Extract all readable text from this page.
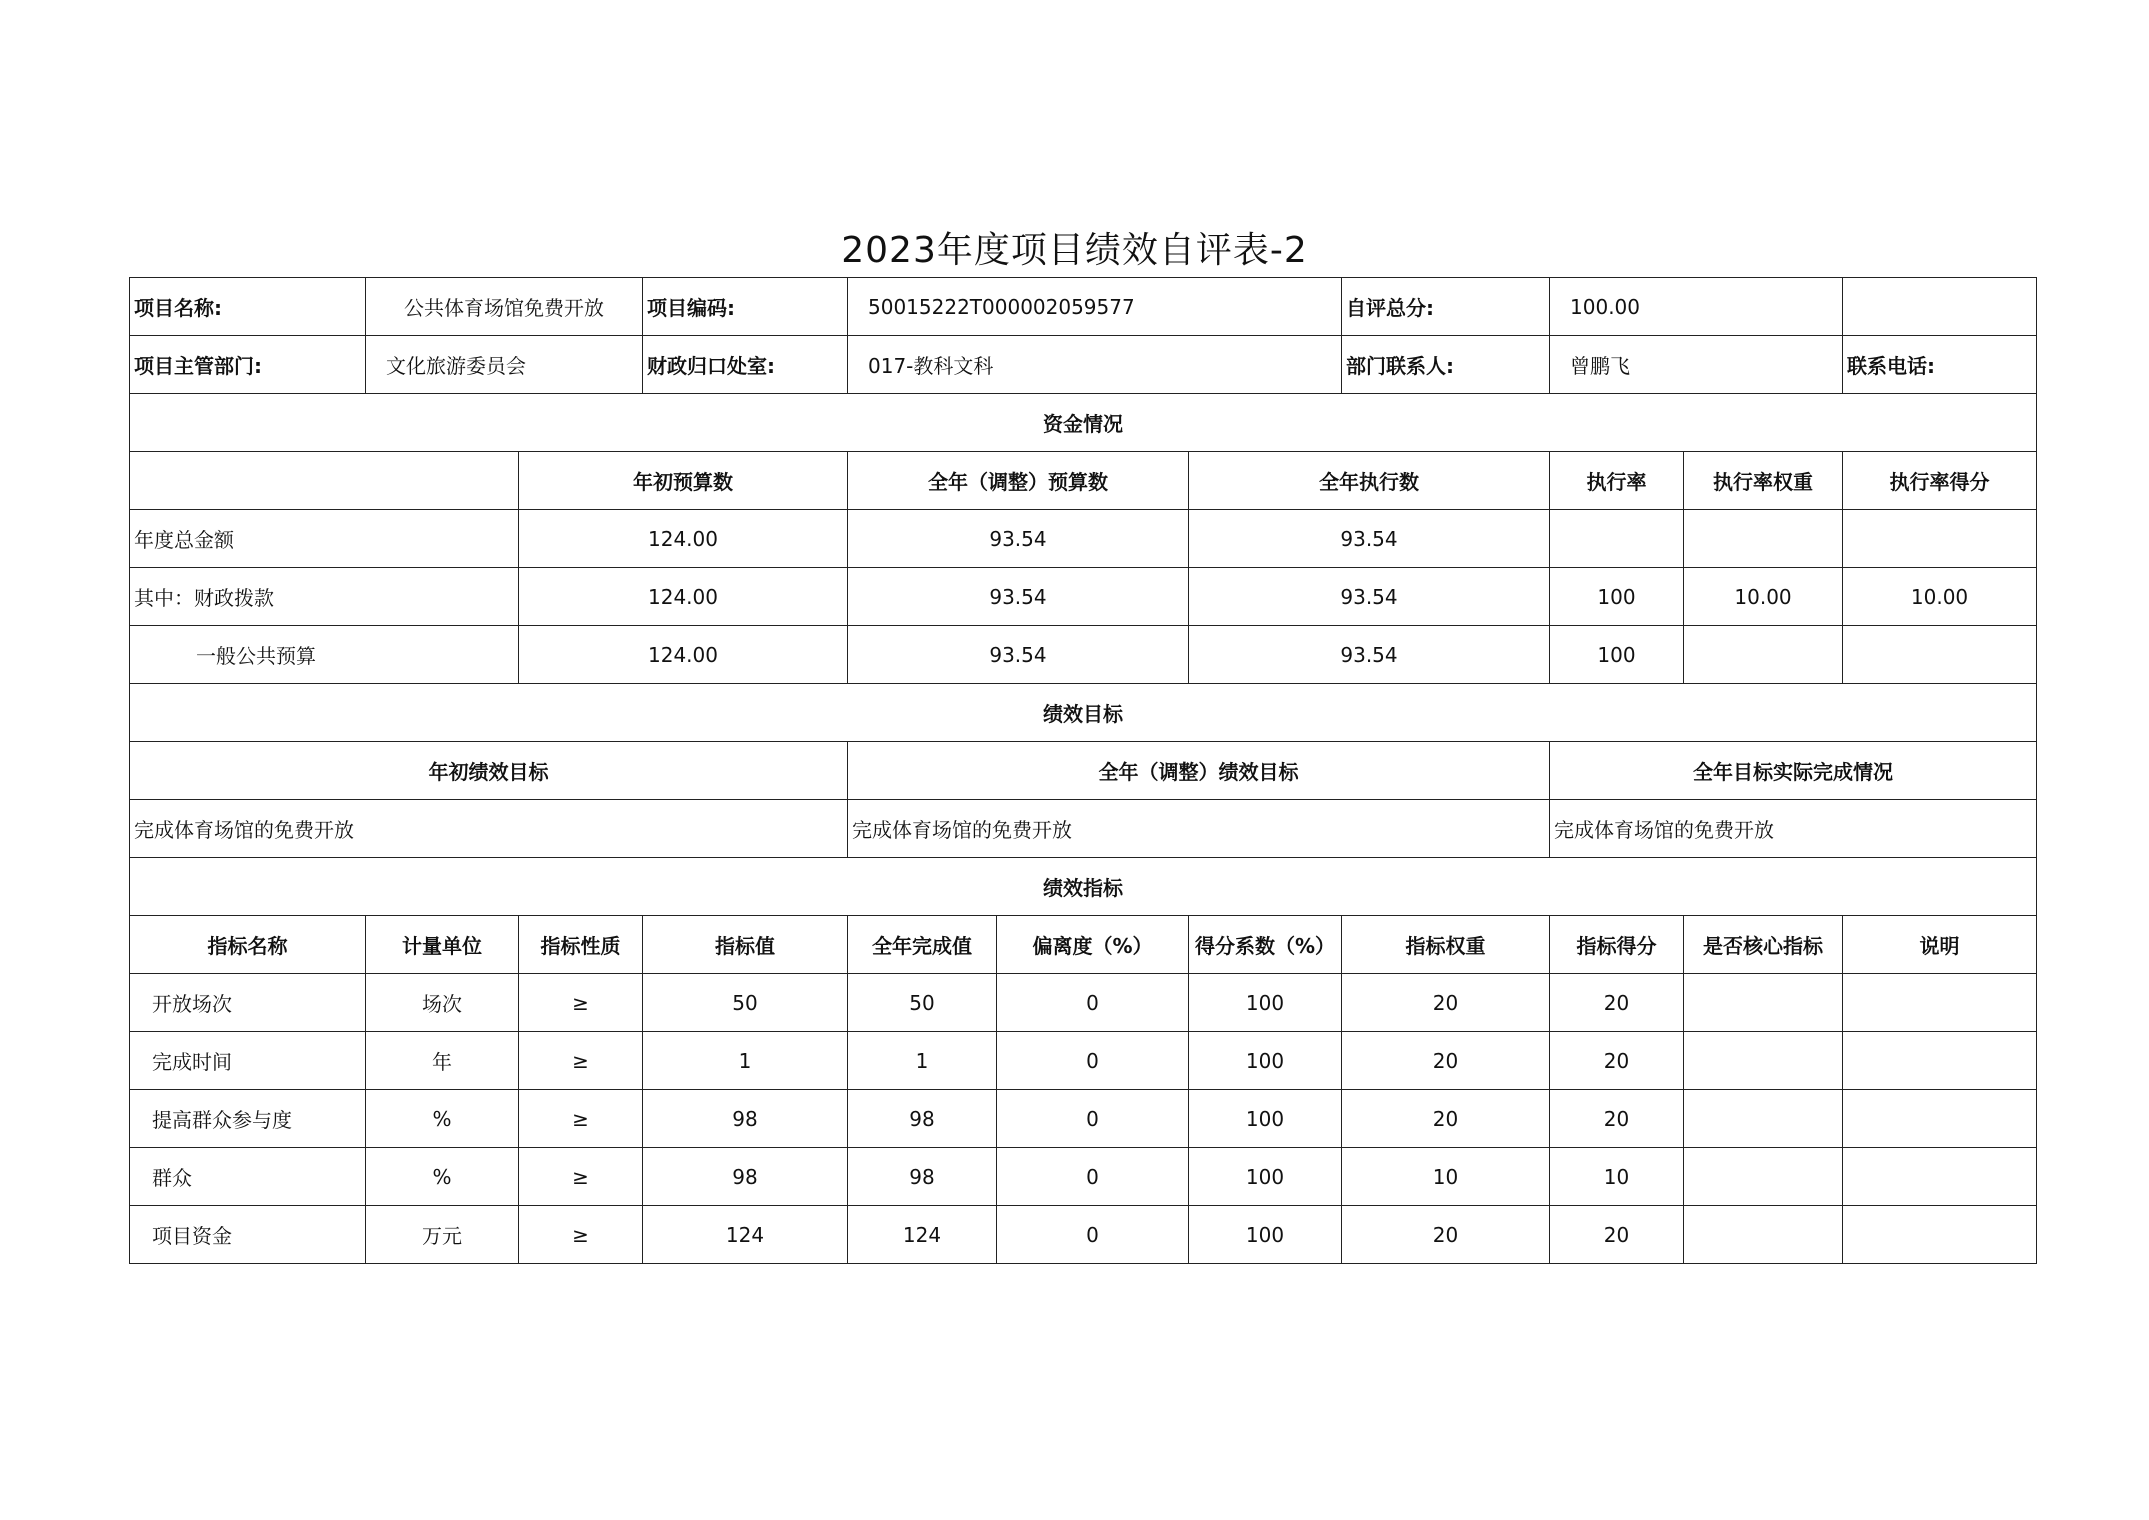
2023年度项目绩效自评表-2
项目名称:	公共体育场馆免费开放		项目编码:	50015222T000002059577			自评总分:	100.00			
项目主管部门:	文化旅游委员会		财政归口处室:	017-教科文科			部门联系人:	曾鹏飞		联系电话:	
资金情况											
		年初预算数		全年（调整）预算数		全年执行数		执行率	执行率权重	执行率得分	
年度总金额		124.00		93.54		93.54					
其中：财政拨款		124.00		93.54		93.54		100	10.00	10.00	
一般公共预算		124.00		93.54		93.54		100			
绩效目标											
年初绩效目标				全年（调整）绩效目标				全年目标实际完成情况			
完成体育场馆的免费开放				完成体育场馆的免费开放				完成体育场馆的免费开放			
绩效指标											
指标名称	计量单位	指标性质	指标值	全年完成值	偏离度（%）	得分系数（%）	指标权重	指标得分	是否核心指标	说明	
开放场次	场次	≥	50	50	0	100	20	20			
完成时间	年	≥	1	1	0	100	20	20			
提高群众参与度	%	≥	98	98	0	100	20	20			
群众	%	≥	98	98	0	100	10	10			
项目资金	万元	≥	124	124	0	100	20	20			
